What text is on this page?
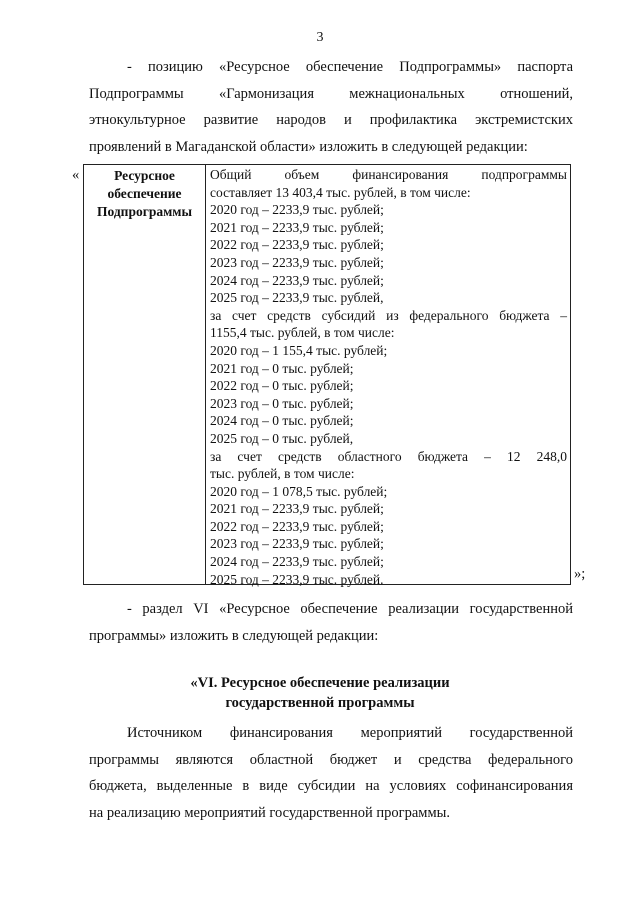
3
- позицию «Ресурсное обеспечение Подпрограммы» паспорта
Подпрограммы «Гармонизация межнациональных отношений,
этнокультурное развитие народов и профилактика экстремистских
проявлений в Магаданской области» изложить в следующей редакции:
«	Ресурсное
обеспечение
Подпрограммы
Общий объем финансирования подпрограммы
составляет 13 403,4 тыс. рублей, в том числе:
2020 год – 2233,9 тыс. рублей;
2021 год – 2233,9 тыс. рублей;
2022 год – 2233,9 тыс. рублей;
2023 год – 2233,9 тыс. рублей;
2024 год – 2233,9 тыс. рублей;
2025 год – 2233,9 тыс. рублей,
за счет средств субсидий из федерального бюджета –
1155,4 тыс. рублей, в том числе:
2020 год – 1 155,4 тыс. рублей;
2021 год – 0 тыс. рублей;
2022 год – 0 тыс. рублей;
2023 год – 0 тыс. рублей;
2024 год – 0 тыс. рублей;
2025 год – 0 тыс. рублей,
за счет средств областного бюджета – 12 248,0
тыс. рублей, в том числе:
2020 год – 1 078,5 тыс. рублей;
2021 год – 2233,9 тыс. рублей;
2022 год – 2233,9 тыс. рублей;
2023 год – 2233,9 тыс. рублей;
2024 год – 2233,9 тыс. рублей;
2025 год – 2233,9 тыс. рублей.	»;
- раздел VI «Ресурсное обеспечение реализации государственной
программы» изложить в следующей редакции:
«VI. Ресурсное обеспечение реализации
государственной программы
Источником финансирования мероприятий государственной
программы являются областной бюджет и средства федерального
бюджета, выделенные в виде субсидии на условиях софинансирования
на реализацию мероприятий государственной программы.
